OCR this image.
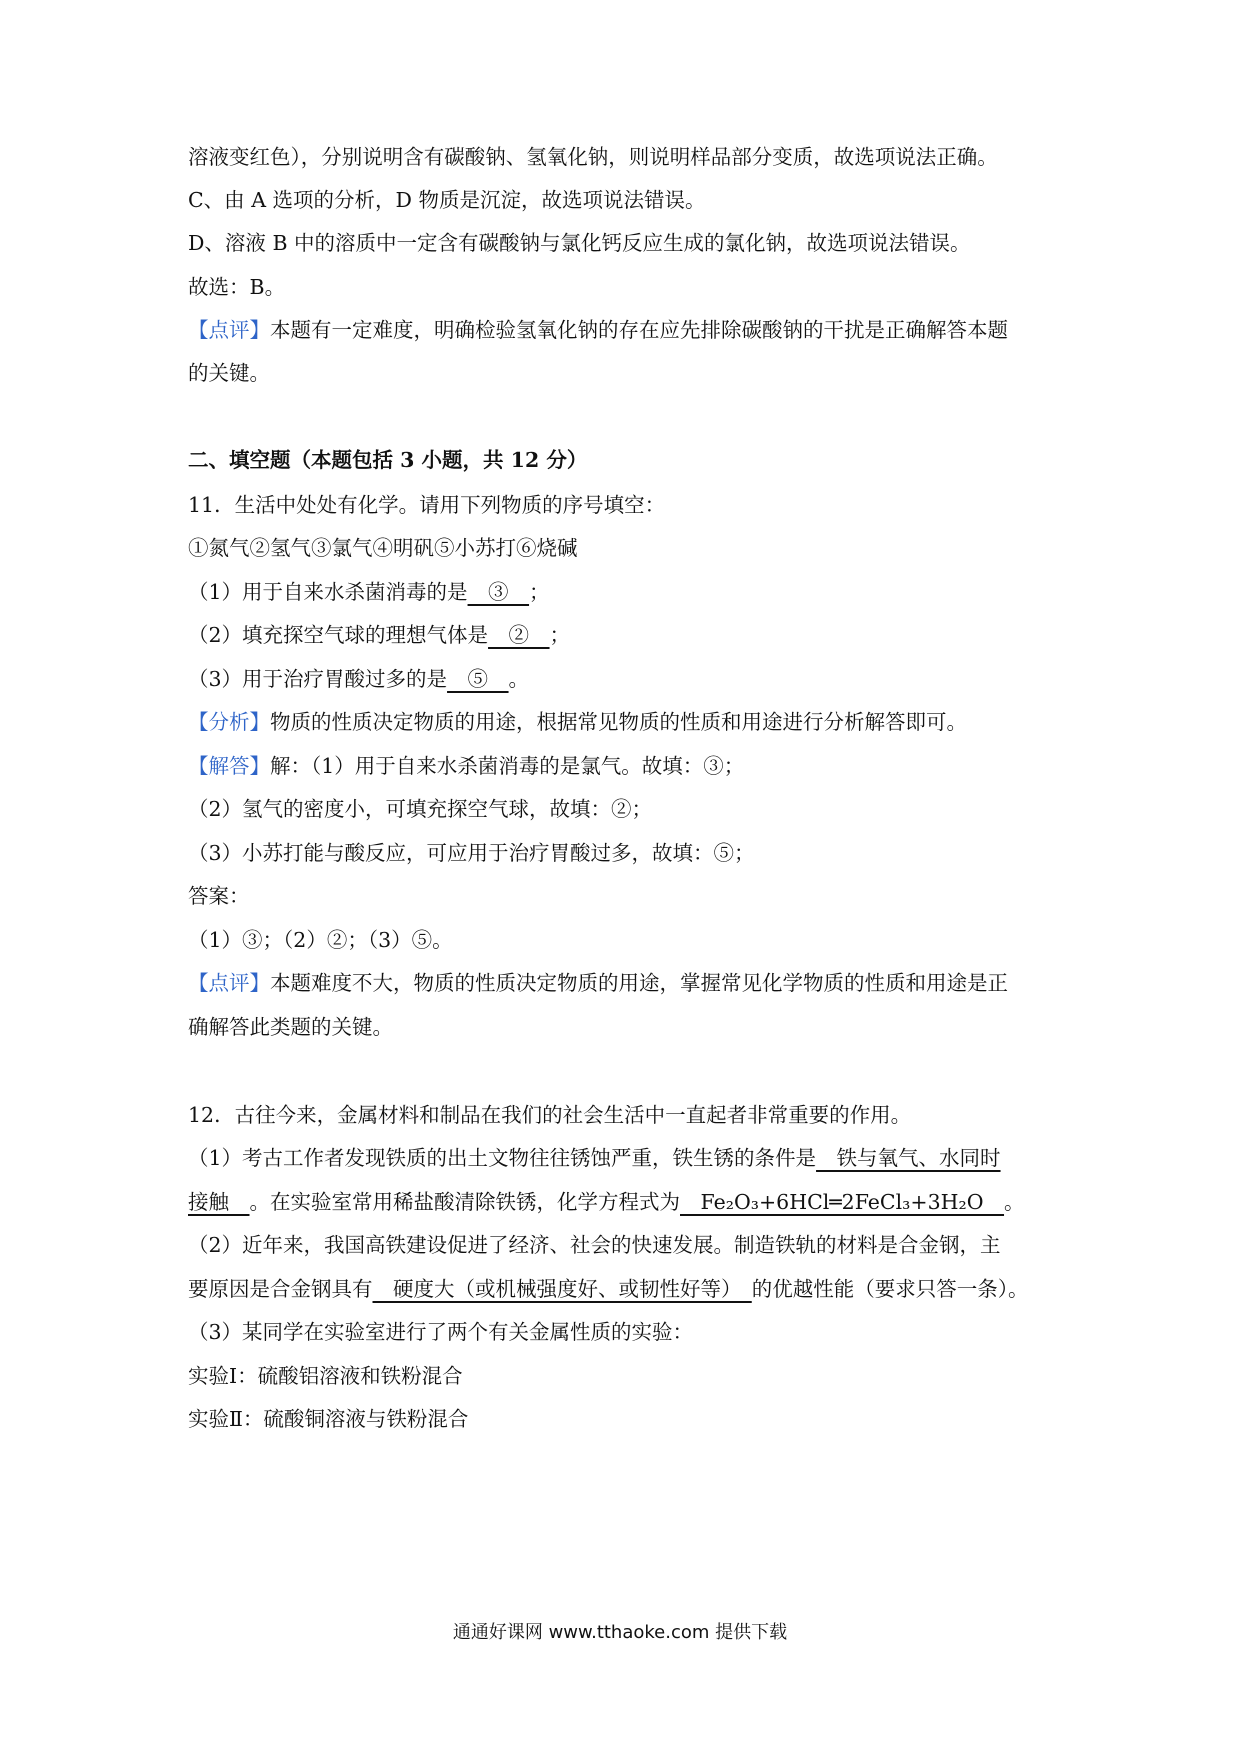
溶液变红色），分别说明含有碳酸钠、氢氧化钠，则说明样品部分变质，故选项说法正确。
C、由 A 选项的分析，D 物质是沉淀，故选项说法错误。
D、溶液 B 中的溶质中一定含有碳酸钠与氯化钙反应生成的氯化钠，故选项说法错误。
故选：B。
【点评】本题有一定难度，明确检验氢氧化钠的存在应先排除碳酸钠的干扰是正确解答本题
的关键。
二、填空题（本题包括 3 小题，共 12 分）
11．生活中处处有化学。请用下列物质的序号填空：
①氮气②氢气③氯气④明矾⑤小苏打⑥烧碱
（1）用于自来水杀菌消毒的是　③　；
（2）填充探空气球的理想气体是　②　；
（3）用于治疗胃酸过多的是　⑤　。
【分析】物质的性质决定物质的用途，根据常见物质的性质和用途进行分析解答即可。
【解答】解：（1）用于自来水杀菌消毒的是氯气。故填：③；
（2）氢气的密度小，可填充探空气球，故填：②；
（3）小苏打能与酸反应，可应用于治疗胃酸过多，故填：⑤；
答案：
（1）③；（2）②；（3）⑤。
【点评】本题难度不大，物质的性质决定物质的用途，掌握常见化学物质的性质和用途是正
确解答此类题的关键。
12．古往今来，金属材料和制品在我们的社会生活中一直起者非常重要的作用。
（1）考古工作者发现铁质的出土文物往往锈蚀严重，铁生锈的条件是　铁与氧气、水同时
接触　。在实验室常用稀盐酸清除铁锈，化学方程式为　Fe₂O₃+6HCl═2FeCl₃+3H₂O　。
（2）近年来，我国高铁建设促进了经济、社会的快速发展。制造铁轨的材料是合金钢，主
要原因是合金钢具有　硬度大（或机械强度好、或韧性好等）　的优越性能（要求只答一条）。
（3）某同学在实验室进行了两个有关金属性质的实验：
实验Ⅰ：硫酸铝溶液和铁粉混合
实验Ⅱ：硫酸铜溶液与铁粉混合
通通好课网 www.tthaoke.com 提供下载
